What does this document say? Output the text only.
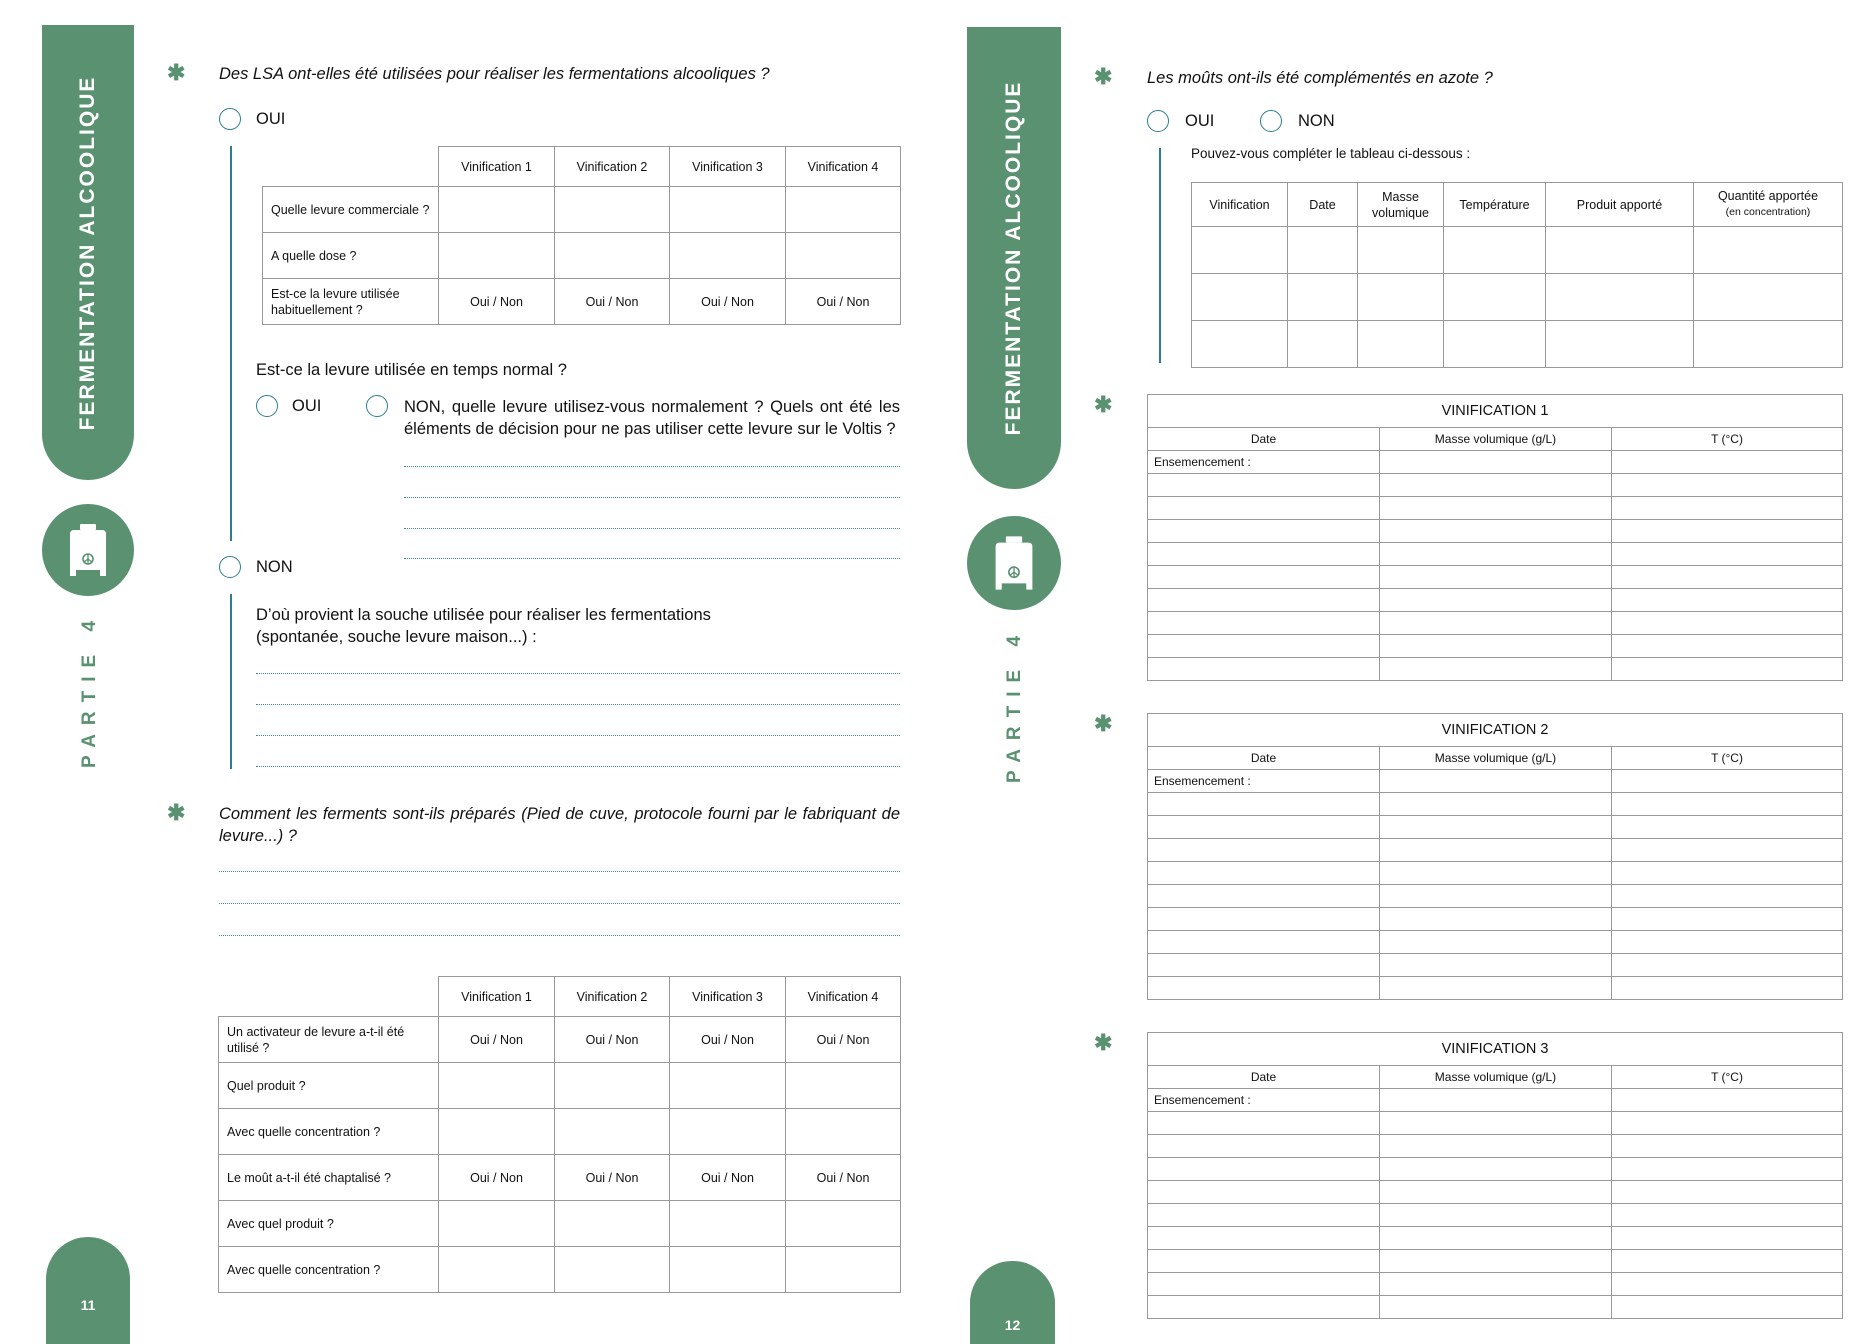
FERMENTATION ALCOOLIQUE
PARTIE 4
11
✱ Des LSA ont-elles été utilisées pour réaliser les fermentations alcooliques ?
OUI
	Vinification 1	Vinification 2	Vinification 3	Vinification 4
Quelle levure commerciale ?				
A quelle dose ?				
Est-ce la levure utilisée habituellement ?	Oui / Non	Oui / Non	Oui / Non	Oui / Non
Est-ce la levure utilisée en temps normal ?
OUI	NON, quelle levure utilisez-vous normalement ? Quels ont été les éléments de décision pour ne pas utiliser cette levure sur le Voltis ?
NON
D’où provient la souche utilisée pour réaliser les fermentations (spontanée, souche levure maison...) :
✱ Comment les ferments sont-ils préparés (Pied de cuve, protocole fourni par le fabriquant de levure...) ?
	Vinification 1	Vinification 2	Vinification 3	Vinification 4
Un activateur de levure a-t-il été utilisé ?	Oui / Non	Oui / Non	Oui / Non	Oui / Non
Quel produit ?				
Avec quelle concentration ?				
Le moût a-t-il été chaptalisé ?	Oui / Non	Oui / Non	Oui / Non	Oui / Non
Avec quel produit ?				
Avec quelle concentration ?				
FERMENTATION ALCOOLIQUE
PARTIE 4
12
✱ Les moûts ont-ils été complémentés en azote ?
OUI	NON
Pouvez-vous compléter le tableau ci-dessous :
Vinification	Date	Masse volumique	Température	Produit apporté	Quantité apportée
(en concentration)

✱	VINIFICATION 1		
Date	Masse volumique (g/L)	T (°C)
Ensemencement :		

✱	VINIFICATION 2		
Date	Masse volumique (g/L)	T (°C)
Ensemencement :		

✱	VINIFICATION 3		
Date	Masse volumique (g/L)	T (°C)
Ensemencement :		
